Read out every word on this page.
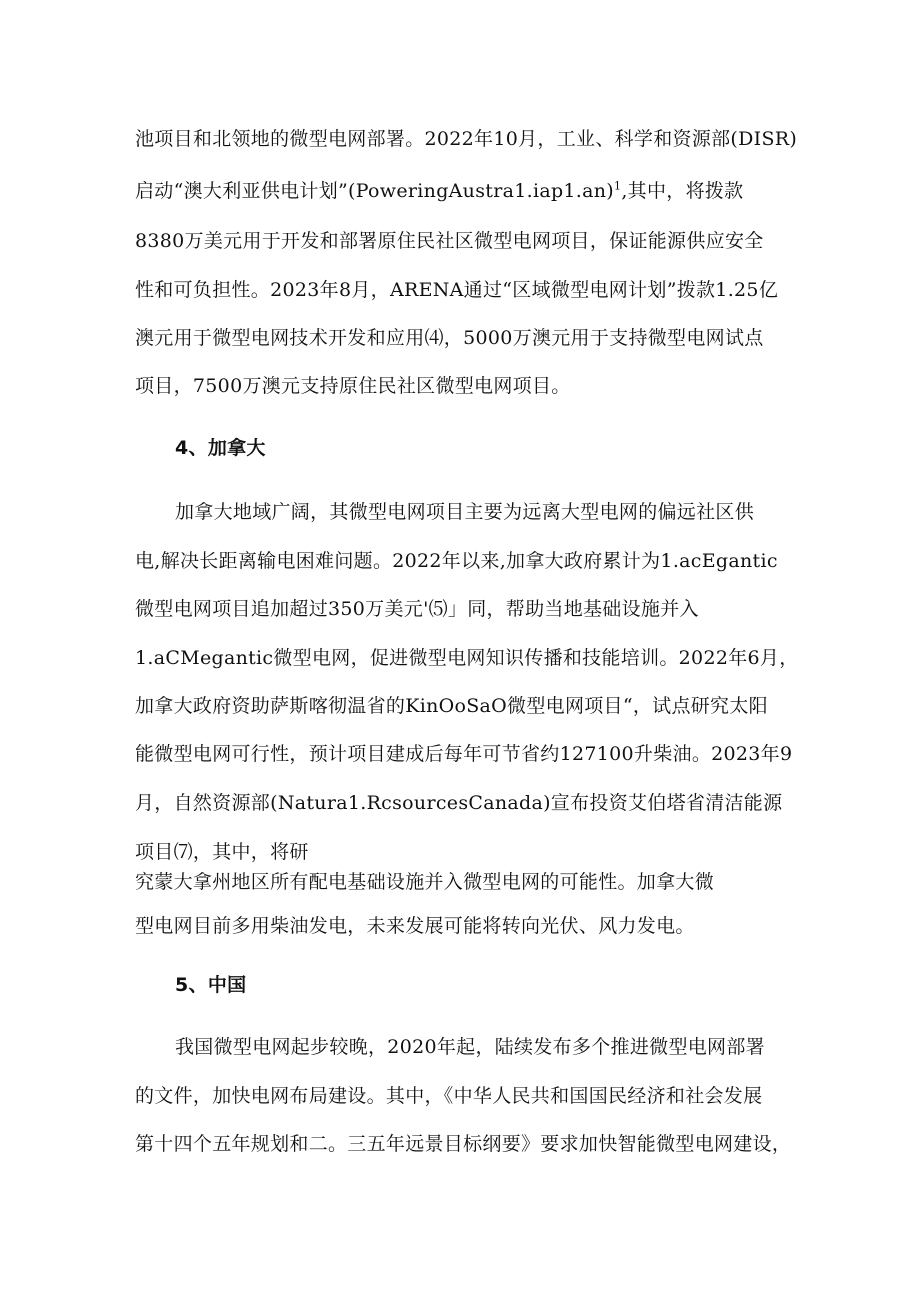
池项目和北领地的微型电网部署。2022年10月，工业、科学和资源部(DISR)
启动“澳大利亚供电计划”(PoweringAustra1.iap1.an)$^1$,其中，将拨款
8380万美元用于开发和部署原住民社区微型电网项目，保证能源供应安全
性和可负担性。2023年8月，ARENA通过“区域微型电网计划”拨款1.25亿
澳元用于微型电网技术开发和应用⑷，5000万澳元用于支持微型电网试点
项目，7500万澳元支持原住民社区微型电网项目。
4、加拿大
加拿大地域广阔，其微型电网项目主要为远离大型电网的偏远社区供
电,解决长距离输电困难问题。2022年以来,加拿大政府累计为1.acEgantic
微型电网项目追加超过350万美元'⑸」同，帮助当地基础设施并入
1.aCMegantic微型电网，促进微型电网知识传播和技能培训。2022年6月，
加拿大政府资助萨斯喀彻温省的KinOoSaO微型电网项目“，试点研究太阳
能微型电网可行性，预计项目建成后每年可节省约127100升柴油。2023年9
月，自然资源部(Natura1.RcsourcesCanada)宣布投资艾伯塔省清洁能源
项目⑺，其中，将研
究蒙大拿州地区所有配电基础设施并入微型电网的可能性。加拿大微
型电网目前多用柴油发电，未来发展可能将转向光伏、风力发电。
5、中国
我国微型电网起步较晚，2020年起，陆续发布多个推进微型电网部署
的文件，加快电网布局建设。其中，《中华人民共和国国民经济和社会发展
第十四个五年规划和二。三五年远景目标纲要》要求加快智能微型电网建设，
